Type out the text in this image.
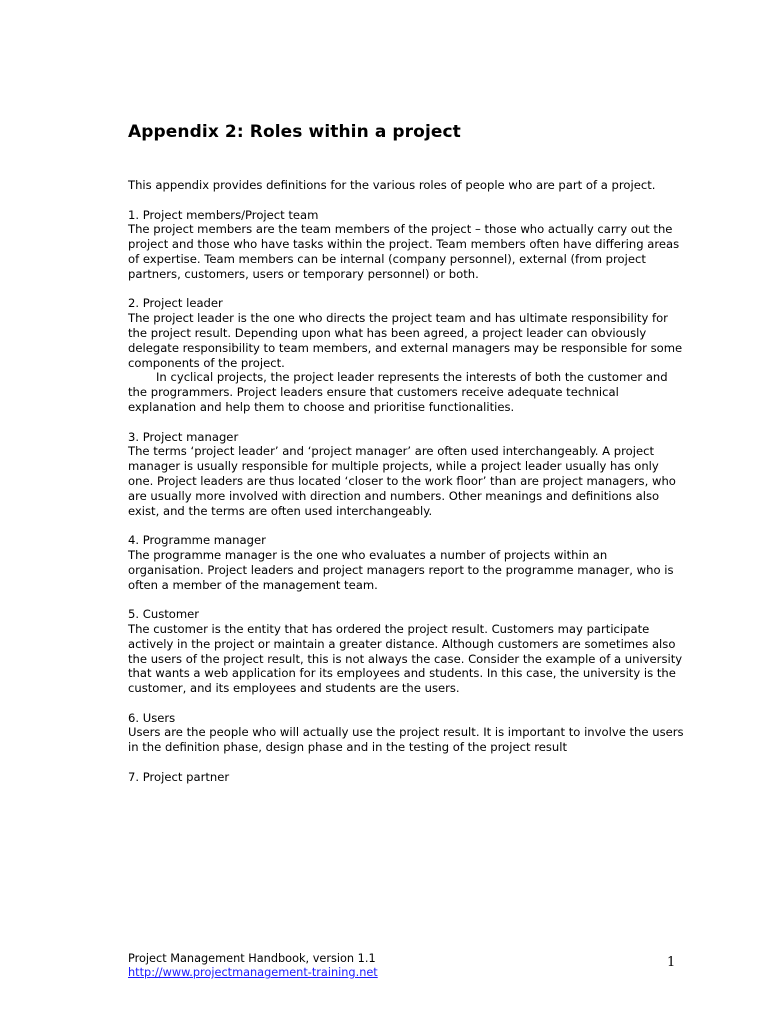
Appendix 2: Roles within a project

This appendix provides definitions for the various roles of people who are part of a project.

1. Project members/Project team

The project members are the team members of the project – those who actually carry out the project and those who have tasks within the project. Team members often have differing areas of expertise. Team members can be internal (company personnel), external (from project partners, customers, users or temporary personnel) or both.

2. Project leader

The project leader is the one who directs the project team and has ultimate responsibility for the project result. Depending upon what has been agreed, a project leader can obviously delegate responsibility to team members, and external managers may be responsible for some components of the project.

In cyclical projects, the project leader represents the interests of both the customer and the programmers. Project leaders ensure that customers receive adequate technical explanation and help them to choose and prioritise functionalities.

3. Project manager

The terms ‘project leader’ and ‘project manager’ are often used interchangeably. A project manager is usually responsible for multiple projects, while a project leader usually has only one. Project leaders are thus located ‘closer to the work floor’ than are project managers, who are usually more involved with direction and numbers. Other meanings and definitions also exist, and the terms are often used interchangeably.

4. Programme manager

The programme manager is the one who evaluates a number of projects within an organisation. Project leaders and project managers report to the programme manager, who is often a member of the management team.

5. Customer

The customer is the entity that has ordered the project result. Customers may participate actively in the project or maintain a greater distance. Although customers are sometimes also the users of the project result, this is not always the case. Consider the example of a university that wants a web application for its employees and students. In this case, the university is the customer, and its employees and students are the users.

6. Users

Users are the people who will actually use the project result. It is important to involve the users in the definition phase, design phase and in the testing of the project result

7. Project partner

Project Management Handbook, version 1.1
http://www.projectmanagement-training.net
1
